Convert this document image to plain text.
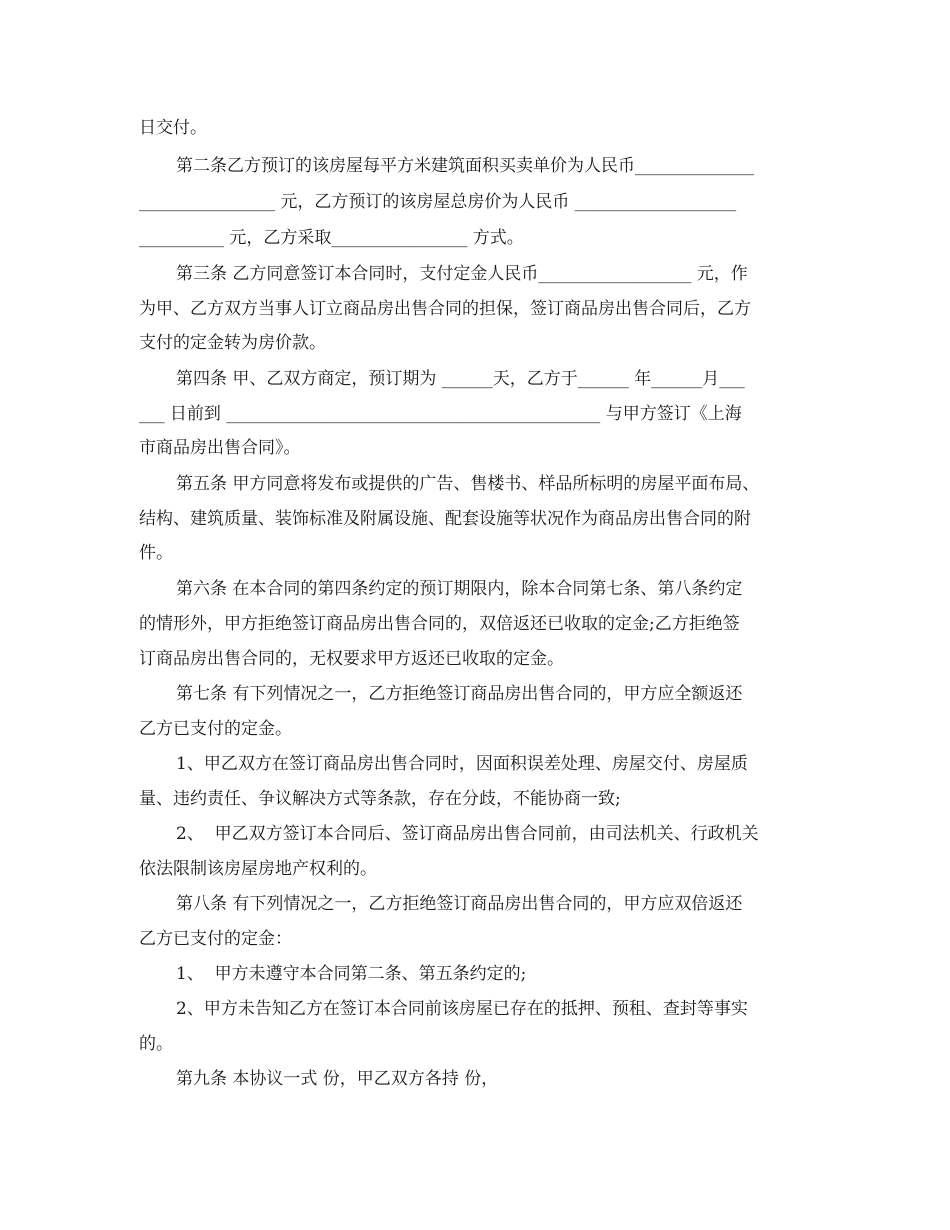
日交付。
第二条乙方预订的该房屋每平方米建筑面积买卖单价为人民币______________
________________ 元，乙方预订的该房屋总房价为人民币 ___________________
__________ 元，乙方采取________________ 方式。
第三条 乙方同意签订本合同时，支付定金人民币__________________ 元，作
为甲、乙方双方当事人订立商品房出售合同的担保，签订商品房出售合同后，乙方
支付的定金转为房价款。
第四条 甲、乙双方商定，预订期为 ______天，乙方于______ 年______月___
___ 日前到 ____________________________________________ 与甲方签订《上海
市商品房出售合同》。
第五条 甲方同意将发布或提供的广告、售楼书、样品所标明的房屋平面布局、
结构、建筑质量、装饰标准及附属设施、配套设施等状况作为商品房出售合同的附
件。
第六条 在本合同的第四条约定的预订期限内，除本合同第七条、第八条约定
的情形外，甲方拒绝签订商品房出售合同的，双倍返还已收取的定金;乙方拒绝签
订商品房出售合同的，无权要求甲方返还已收取的定金。
第七条 有下列情况之一，乙方拒绝签订商品房出售合同的，甲方应全额返还
乙方已支付的定金。
1、甲乙双方在签订商品房出售合同时，因面积误差处理、房屋交付、房屋质
量、违约责任、争议解决方式等条款，存在分歧，不能协商一致;
2、  甲乙双方签订本合同后、签订商品房出售合同前，由司法机关、行政机关
依法限制该房屋房地产权利的。
第八条 有下列情况之一，乙方拒绝签订商品房出售合同的，甲方应双倍返还
乙方已支付的定金：
1、  甲方未遵守本合同第二条、第五条约定的;
2、甲方未告知乙方在签订本合同前该房屋已存在的抵押、预租、查封等事实
的。
第九条 本协议一式 份，甲乙双方各持 份，
